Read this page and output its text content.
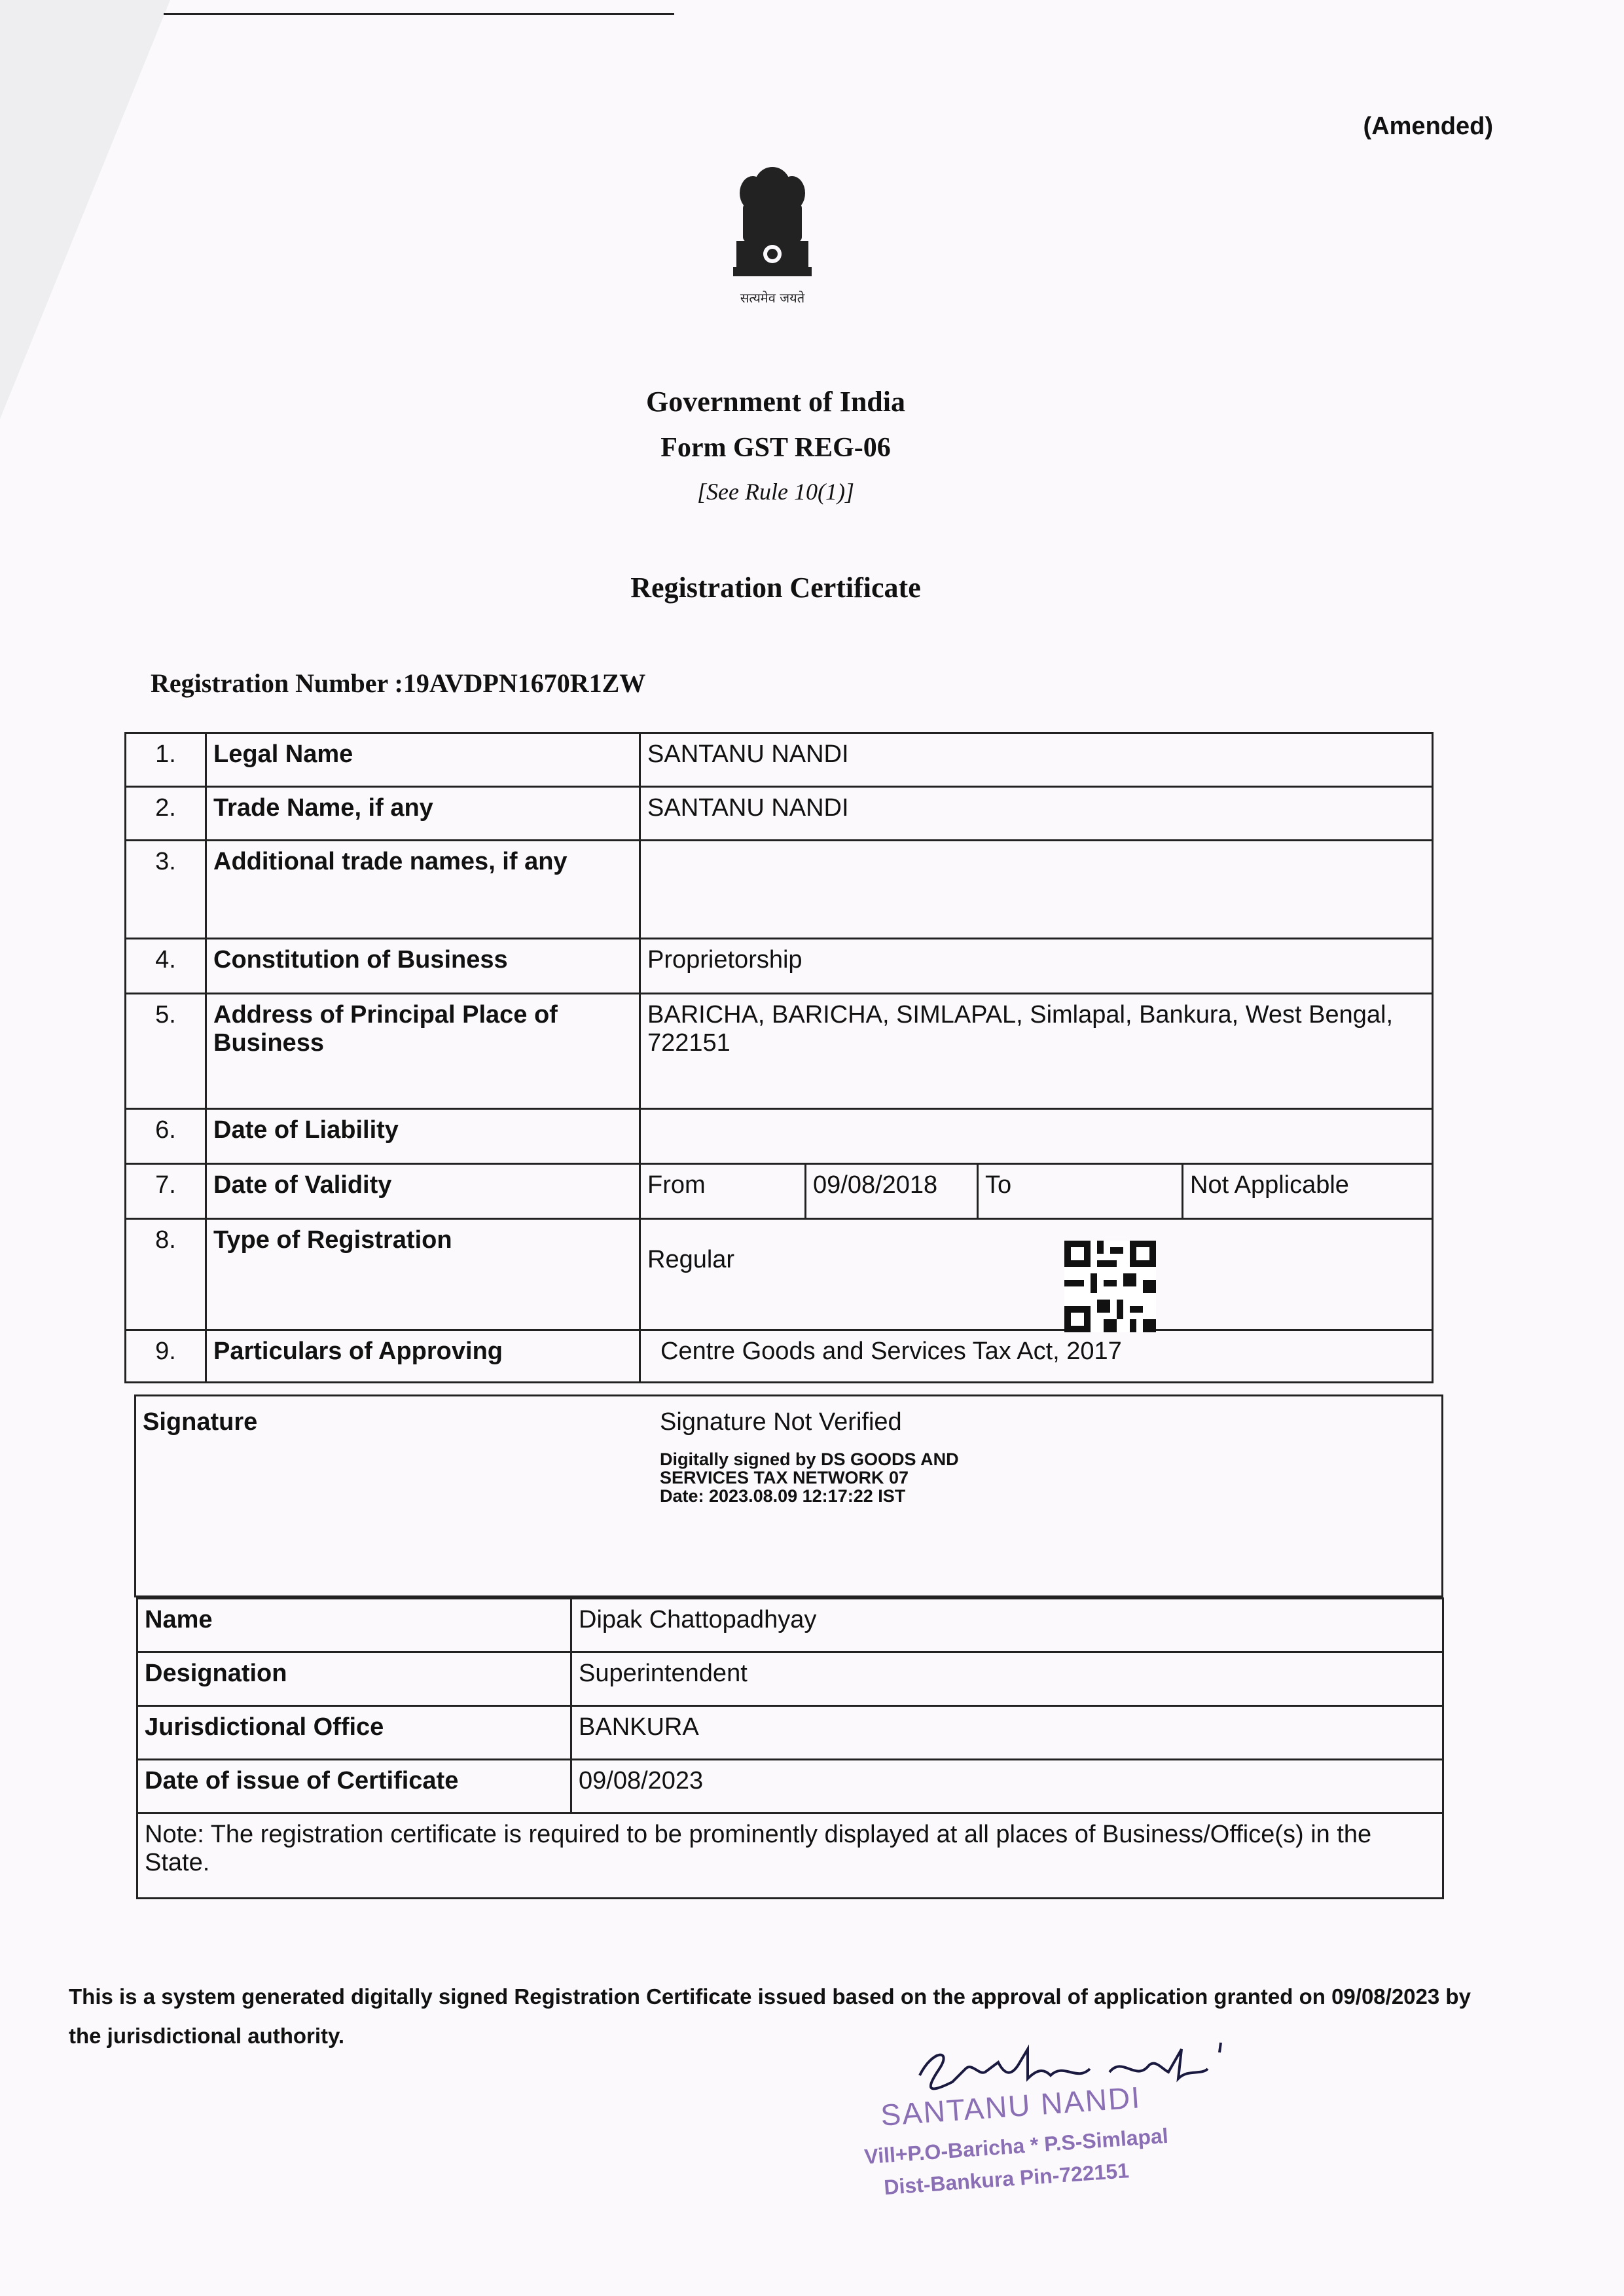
(Amended)
सत्यमेव जयते
Government of India
Form GST REG-06
[See Rule 10(1)]
Registration Certificate
Registration Number :19AVDPN1670R1ZW
1.	Legal Name	SANTANU NANDI			
2.	Trade Name, if any	SANTANU NANDI			
3.	Additional trade names, if any				
4.	Constitution of Business	Proprietorship			
5.	Address of Principal Place of Business	BARICHA, BARICHA, SIMLAPAL, Simlapal, Bankura, West Bengal, 722151			
6.	Date of Liability				
7.	Date of Validity	From	09/08/2018	To	Not Applicable
8.	Type of Registration	Regular			
9.	Particulars of Approving	Centre Goods and Services Tax Act, 2017			
Signature	Signature Not Verified
Digitally signed by DS GOODS AND SERVICES TAX NETWORK 07
Date: 2023.08.09 12:17:22 IST
Name	Dipak Chattopadhyay
Designation	Superintendent
Jurisdictional Office	BANKURA
Date of issue of Certificate	09/08/2023
Note: The registration certificate is required to be prominently displayed at all places of Business/Office(s) in the State.	
This is a system generated digitally signed Registration Certificate issued based on the approval of application granted on 09/08/2023 by the jurisdictional authority.
SANTANU NANDI
Vill+P.O-Baricha * P.S-Simlapal
Dist-Bankura Pin-722151
